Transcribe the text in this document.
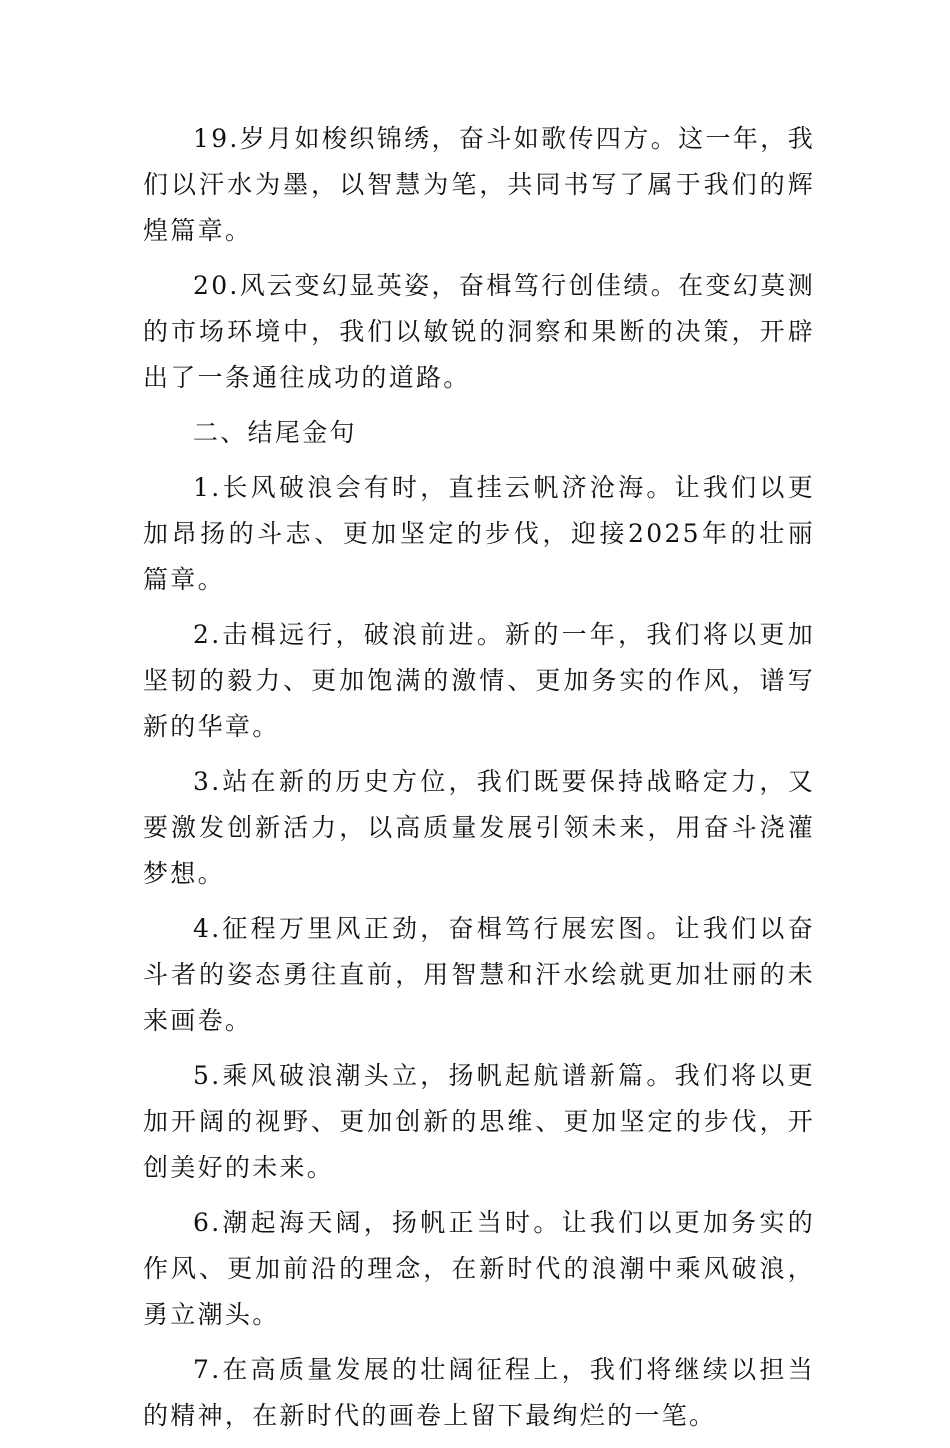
19.岁月如梭织锦绣，奋斗如歌传四方。这一年，我们以汗水为墨，以智慧为笔，共同书写了属于我们的辉煌篇章。

20.风云变幻显英姿，奋楫笃行创佳绩。在变幻莫测的市场环境中，我们以敏锐的洞察和果断的决策，开辟出了一条通往成功的道路。

二、结尾金句

1.长风破浪会有时，直挂云帆济沧海。让我们以更加昂扬的斗志、更加坚定的步伐，迎接2025年的壮丽篇章。

2.击楫远行，破浪前进。新的一年，我们将以更加坚韧的毅力、更加饱满的激情、更加务实的作风，谱写新的华章。

3.站在新的历史方位，我们既要保持战略定力，又要激发创新活力，以高质量发展引领未来，用奋斗浇灌梦想。

4.征程万里风正劲，奋楫笃行展宏图。让我们以奋斗者的姿态勇往直前，用智慧和汗水绘就更加壮丽的未来画卷。

5.乘风破浪潮头立，扬帆起航谱新篇。我们将以更加开阔的视野、更加创新的思维、更加坚定的步伐，开创美好的未来。

6.潮起海天阔，扬帆正当时。让我们以更加务实的作风、更加前沿的理念，在新时代的浪潮中乘风破浪，勇立潮头。

7.在高质量发展的壮阔征程上，我们将继续以担当的精神，在新时代的画卷上留下最绚烂的一笔。
